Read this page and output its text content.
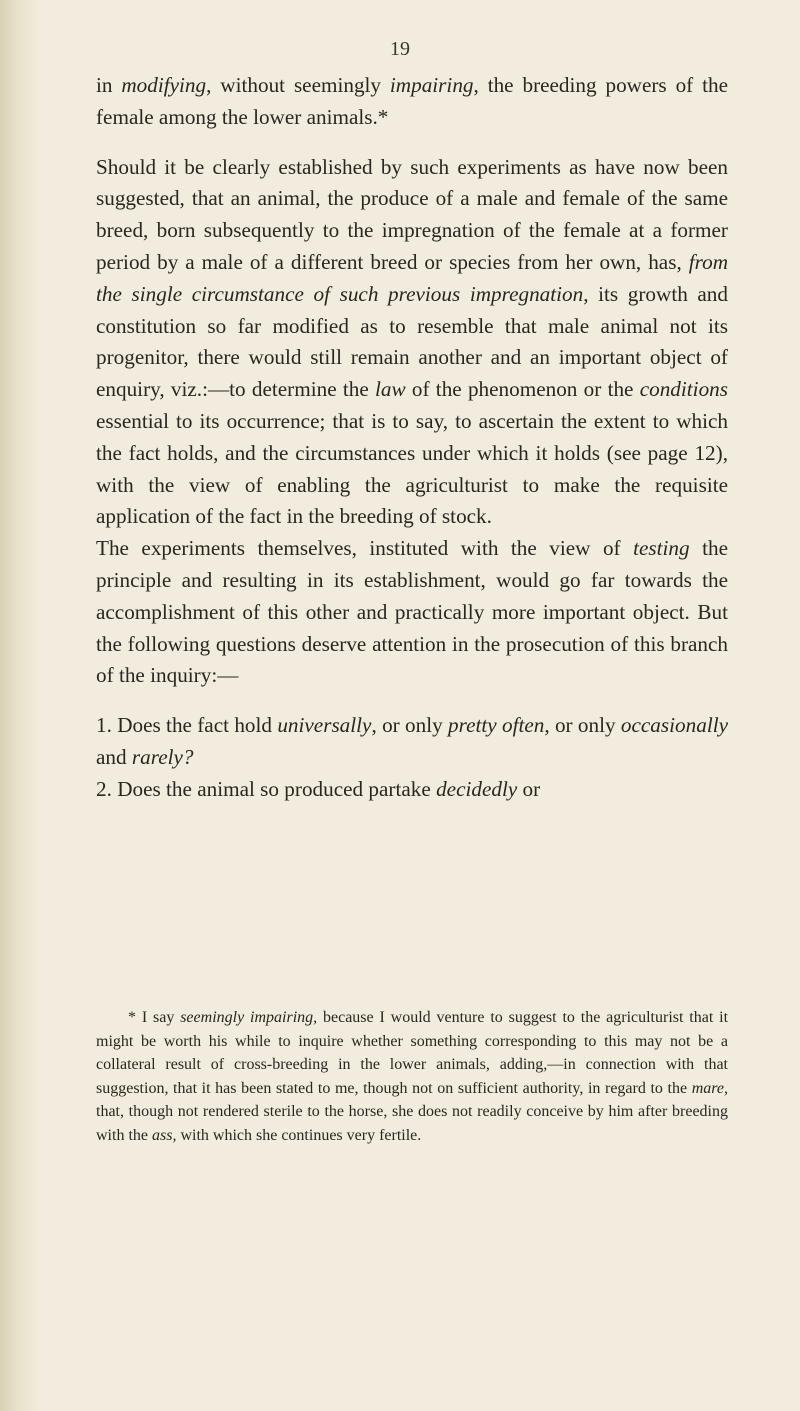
19

in modifying, without seemingly impairing, the breeding powers of the female among the lower animals.*

Should it be clearly established by such experiments as have now been suggested, that an animal, the produce of a male and female of the same breed, born subsequently to the impregnation of the female at a former period by a male of a different breed or species from her own, has, from the single circumstance of such previous impregnation, its growth and constitution so far modified as to resemble that male animal not its progenitor, there would still remain another and an important object of enquiry, viz.:—to determine the law of the phenomenon or the conditions essential to its occurrence; that is to say, to ascertain the extent to which the fact holds, and the circumstances under which it holds (see page 12), with the view of enabling the agriculturist to make the requisite application of the fact in the breeding of stock.

The experiments themselves, instituted with the view of testing the principle and resulting in its establishment, would go far towards the accomplishment of this other and practically more important object. But the following questions deserve attention in the prosecution of this branch of the inquiry:—

1. Does the fact hold universally, or only pretty often, or only occasionally and rarely?

2. Does the animal so produced partake decidedly or

* I say seemingly impairing, because I would venture to suggest to the agriculturist that it might be worth his while to inquire whether something corresponding to this may not be a collateral result of cross-breeding in the lower animals, adding,—in connection with that suggestion, that it has been stated to me, though not on sufficient authority, in regard to the mare, that, though not rendered sterile to the horse, she does not readily conceive by him after breeding with the ass, with which she continues very fertile.
